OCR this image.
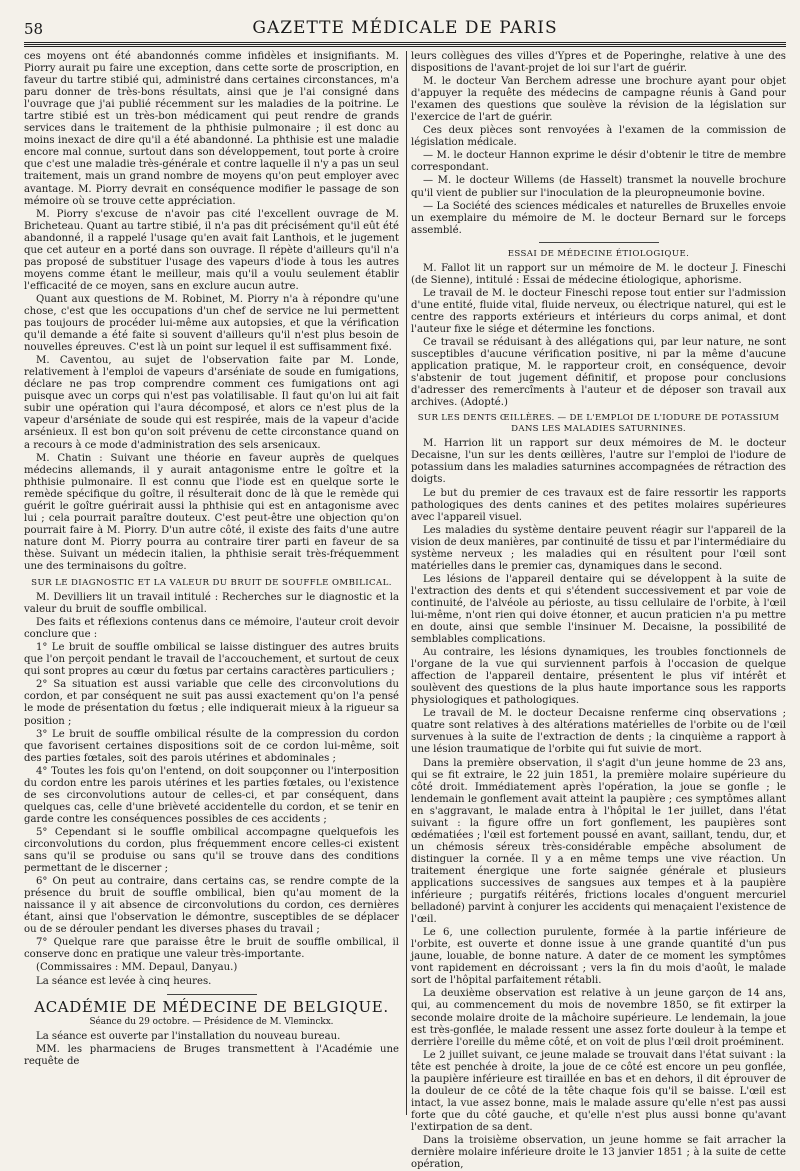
58	GAZETTE MÉDICALE DE PARIS

ces moyens ont été abandonnés comme infidèles et insignifiants. M. Piorry aurait pu faire une exception, dans cette sorte de proscription, en faveur du tartre stibié qui, administré dans certaines circonstances, m'a paru donner de très-bons résultats, ainsi que je l'ai consigné dans l'ouvrage que j'ai publié récemment sur les maladies de la poitrine. Le tartre stibié est un très-bon médicament qui peut rendre de grands services dans le traitement de la phthisie pulmonaire ; il est donc au moins inexact de dire qu'il a été abandonné. La phthisie est une maladie encore mal connue, surtout dans son développement, tout porte à croire que c'est une maladie très-générale et contre laquelle il n'y a pas un seul traitement, mais un grand nombre de moyens qu'on peut employer avec avantage. M. Piorry devrait en conséquence modifier le passage de son mémoire où se trouve cette appréciation.

M. Piorry s'excuse de n'avoir pas cité l'excellent ouvrage de M. Bricheteau. Quant au tartre stibié, il n'a pas dit précisément qu'il eût été abandonné, il a rappelé l'usage qu'en avait fait Lanthois, et le jugement que cet auteur en a porté dans son ouvrage. Il répète d'ailleurs qu'il n'a pas proposé de substituer l'usage des vapeurs d'iode à tous les autres moyens comme étant le meilleur, mais qu'il a voulu seulement établir l'efficacité de ce moyen, sans en exclure aucun autre.

Quant aux questions de M. Robinet, M. Piorry n'a à répondre qu'une chose, c'est que les occupations d'un chef de service ne lui permettent pas toujours de procéder lui-même aux autopsies, et que la vérification qu'il demande a été faite si souvent d'ailleurs qu'il n'est plus besoin de nouvelles épreuves. C'est là un point sur lequel il est suffisamment fixé.

M. Caventou, au sujet de l'observation faite par M. Londe, relativement à l'emploi de vapeurs d'arséniate de soude en fumigations, déclare ne pas trop comprendre comment ces fumigations ont agi puisque avec un corps qui n'est pas volatilisable. Il faut qu'on lui ait fait subir une opération qui l'aura décomposé, et alors ce n'est plus de la vapeur d'arséniate de soude qui est respirée, mais de la vapeur d'acide arsénieux. Il est bon qu'on soit prévenu de cette circonstance quand on a recours à ce mode d'administration des sels arsenicaux.

M. Chatin : Suivant une théorie en faveur auprès de quelques médecins allemands, il y aurait antagonisme entre le goître et la phthisie pulmonaire. Il est connu que l'iode est en quelque sorte le remède spécifique du goître, il résulterait donc de là que le remède qui guérit le goître guérirait aussi la phthisie qui est en antagonisme avec lui ; cela pourrait paraître douteux. C'est peut-être une objection qu'on pourrait faire à M. Piorry. D'un autre côté, il existe des faits d'une autre nature dont M. Piorry pourra au contraire tirer parti en faveur de sa thèse. Suivant un médecin italien, la phthisie serait très-fréquemment une des terminaisons du goître.

SUR LE DIAGNOSTIC ET LA VALEUR DU BRUIT DE SOUFFLE OMBILICAL.

M. Devilliers lit un travail intitulé : Recherches sur le diagnostic et la valeur du bruit de souffle ombilical.

Des faits et réflexions contenus dans ce mémoire, l'auteur croit devoir conclure que :

1° Le bruit de souffle ombilical se laisse distinguer des autres bruits que l'on perçoit pendant le travail de l'accouchement, et surtout de ceux qui sont propres au cœur du fœtus par certains caractères particuliers ;

2° Sa situation est aussi variable que celle des circonvolutions du cordon, et par conséquent ne suit pas aussi exactement qu'on l'a pensé le mode de présentation du fœtus ; elle indiquerait mieux à la rigueur sa position ;

3° Le bruit de souffle ombilical résulte de la compression du cordon que favorisent certaines dispositions soit de ce cordon lui-même, soit des parties fœtales, soit des parois utérines et abdominales ;

4° Toutes les fois qu'on l'entend, on doit soupçonner ou l'interposition du cordon entre les parois utérines et les parties fœtales, ou l'existence de ses circonvolutions autour de celles-ci, et par conséquent, dans quelques cas, celle d'une brièveté accidentelle du cordon, et se tenir en garde contre les conséquences possibles de ces accidents ;

5° Cependant si le souffle ombilical accompagne quelquefois les circonvolutions du cordon, plus fréquemment encore celles-ci existent sans qu'il se produise ou sans qu'il se trouve dans des conditions permettant de le discerner ;

6° On peut au contraire, dans certains cas, se rendre compte de la présence du bruit de souffle ombilical, bien qu'au moment de la naissance il y ait absence de circonvolutions du cordon, ces dernières étant, ainsi que l'observation le démontre, susceptibles de se déplacer ou de se dérouler pendant les diverses phases du travail ;

7° Quelque rare que paraisse être le bruit de souffle ombilical, il conserve donc en pratique une valeur très-importante.

(Commissaires : MM. Depaul, Danyau.)

La séance est levée à cinq heures.

ACADÉMIE DE MÉDECINE DE BELGIQUE.
Séance du 29 octobre. — Présidence de M. Vleminckx.

La séance est ouverte par l'installation du nouveau bureau.

MM. les pharmaciens de Bruges transmettent à l'Académie une requête de

leurs collègues des villes d'Ypres et de Poperinghe, relative à une des dispositions de l'avant-projet de loi sur l'art de guérir.

M. le docteur Van Berchem adresse une brochure ayant pour objet d'appuyer la requête des médecins de campagne réunis à Gand pour l'examen des questions que soulève la révision de la législation sur l'exercice de l'art de guérir.

Ces deux pièces sont renvoyées à l'examen de la commission de législation médicale.

— M. le docteur Hannon exprime le désir d'obtenir le titre de membre correspondant.

— M. le docteur Willems (de Hasselt) transmet la nouvelle brochure qu'il vient de publier sur l'inoculation de la pleuropneumonie bovine.

— La Société des sciences médicales et naturelles de Bruxelles envoie un exemplaire du mémoire de M. le docteur Bernard sur le forceps assemblé.

ESSAI DE MÉDECINE ÉTIOLOGIQUE.

M. Fallot lit un rapport sur un mémoire de M. le docteur J. Fineschi (de Sienne), intitulé : Essai de médecine étiologique, aphorisme.

Le travail de M. le docteur Fineschi repose tout entier sur l'admission d'une entité, fluide vital, fluide nerveux, ou électrique naturel, qui est le centre des rapports extérieurs et intérieurs du corps animal, et dont l'auteur fixe le siége et détermine les fonctions.

Ce travail se réduisant à des allégations qui, par leur nature, ne sont susceptibles d'aucune vérification positive, ni par la même d'aucune application pratique, M. le rapporteur croit, en conséquence, devoir s'abstenir de tout jugement définitif, et propose pour conclusions d'adresser des remercîments à l'auteur et de déposer son travail aux archives. (Adopté.)

SUR LES DENTS ŒILLÈRES. — DE L'EMPLOI DE L'IODURE DE POTASSIUM DANS LES MALADIES SATURNINES.

M. Harrion lit un rapport sur deux mémoires de M. le docteur Decaisne, l'un sur les dents œillères, l'autre sur l'emploi de l'iodure de potassium dans les maladies saturnines accompagnées de rétraction des doigts.

Le but du premier de ces travaux est de faire ressortir les rapports pathologiques des dents canines et des petites molaires supérieures avec l'appareil visuel.

Les maladies du système dentaire peuvent réagir sur l'appareil de la vision de deux manières, par continuité de tissu et par l'intermédiaire du système nerveux ; les maladies qui en résultent pour l'œil sont matérielles dans le premier cas, dynamiques dans le second.

Les lésions de l'appareil dentaire qui se développent à la suite de l'extraction des dents et qui s'étendent successivement et par voie de continuité, de l'alvéole au périoste, au tissu cellulaire de l'orbite, à l'œil lui-même, n'ont rien qui doive étonner, et aucun praticien n'a pu mettre en doute, ainsi que semble l'insinuer M. Decaisne, la possibilité de semblables complications.

Au contraire, les lésions dynamiques, les troubles fonctionnels de l'organe de la vue qui surviennent parfois à l'occasion de quelque affection de l'appareil dentaire, présentent le plus vif intérêt et soulèvent des questions de la plus haute importance sous les rapports physiologiques et pathologiques.

Le travail de M. le docteur Decaisne renferme cinq observations ; quatre sont relatives à des altérations matérielles de l'orbite ou de l'œil survenues à la suite de l'extraction de dents ; la cinquième a rapport à une lésion traumatique de l'orbite qui fut suivie de mort.

Dans la première observation, il s'agit d'un jeune homme de 23 ans, qui se fit extraire, le 22 juin 1851, la première molaire supérieure du côté droit. Immédiatement après l'opération, la joue se gonfle ; le lendemain le gonflement avait atteint la paupière ; ces symptômes allant en s'aggravant, le malade entra à l'hôpital le 1er juillet, dans l'état suivant : la figure offre un fort gonflement, les paupières sont œdématiées ; l'œil est fortement poussé en avant, saillant, tendu, dur, et un chémosis séreux très-considérable empêche absolument de distinguer la cornée. Il y a en même temps une vive réaction. Un traitement énergique une forte saignée générale et plusieurs applications successives de sangsues aux tempes et à la paupière inférieure ; purgatifs réitérés, frictions locales d'onguent mercuriel belladoné) parvint à conjurer les accidents qui menaçaient l'existence de l'œil.

Le 6, une collection purulente, formée à la partie inférieure de l'orbite, est ouverte et donne issue à une grande quantité d'un pus jaune, louable, de bonne nature. A dater de ce moment les symptômes vont rapidement en décroissant ; vers la fin du mois d'août, le malade sort de l'hôpital parfaitement rétabli.

La deuxième observation est relative à un jeune garçon de 14 ans, qui, au commencement du mois de novembre 1850, se fit extirper la seconde molaire droite de la mâchoire supérieure. Le lendemain, la joue est très-gonflée, le malade ressent une assez forte douleur à la tempe et derrière l'oreille du même côté, et on voit de plus l'œil droit proéminent.

Le 2 juillet suivant, ce jeune malade se trouvait dans l'état suivant : la tête est penchée à droite, la joue de ce côté est encore un peu gonflée, la paupière inférieure est tiraillée en bas et en dehors, il dit éprouver de la douleur de ce côté de la tête chaque fois qu'il se baisse. L'œil est intact, la vue assez bonne, mais le malade assure qu'elle n'est pas aussi forte que du côté gauche, et qu'elle n'est plus aussi bonne qu'avant l'extirpation de sa dent.

Dans la troisième observation, un jeune homme se fait arracher la dernière molaire inférieure droite le 13 janvier 1851 ; à la suite de cette opération,
